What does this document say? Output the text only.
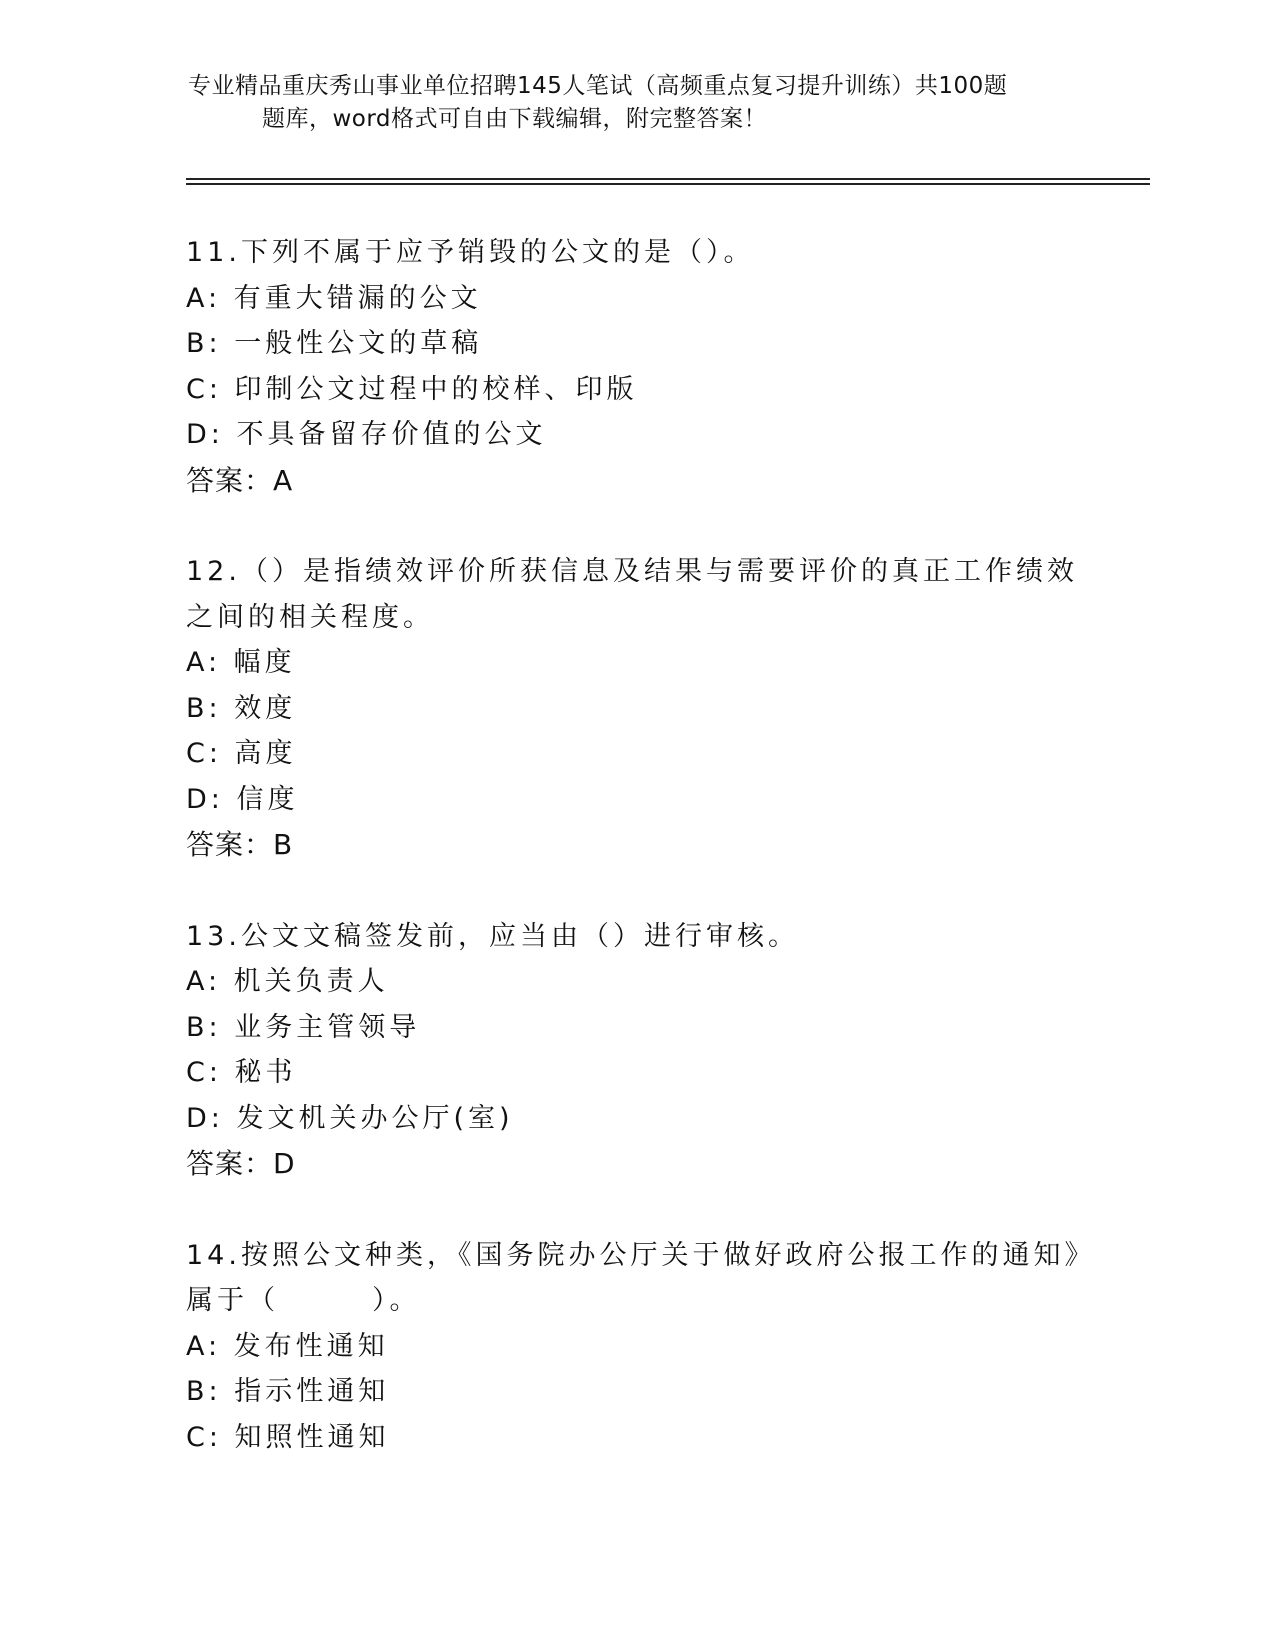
专业精品重庆秀山事业单位招聘145人笔试（高频重点复习提升训练）共100题
题库，word格式可自由下载编辑，附完整答案！

11.下列不属于应予销毁的公文的是（）。

A: 有重大错漏的公文

B: 一般性公文的草稿

C: 印制公文过程中的校样、印版

D: 不具备留存价值的公文

答案：A

12.（）是指绩效评价所获信息及结果与需要评价的真正工作绩效之间的相关程度。

A: 幅度

B: 效度

C: 高度

D: 信度

答案：B

13.公文文稿签发前，应当由（）进行审核。

A: 机关负责人

B: 业务主管领导

C: 秘书

D: 发文机关办公厅(室)

答案：D

14.按照公文种类，《国务院办公厅关于做好政府公报工作的通知》属于（　　　）。

A: 发布性通知

B: 指示性通知

C: 知照性通知
